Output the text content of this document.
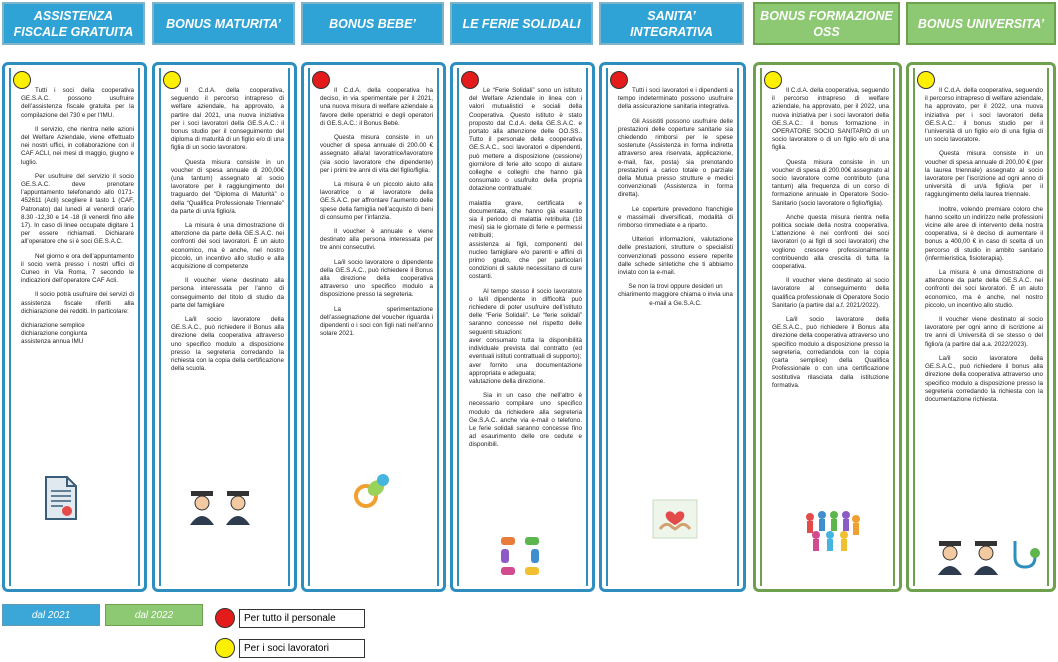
ASSISTENZA FISCALE GRATUITA
BONUS MATURITA’	BONUS BEBE’	LE FERIE SOLIDALI
SANITA’ INTEGRATIVA
BONUS FORMAZIONE OSS
BONUS UNIVERSITA’

Tutti i soci della cooperativa GE.S.A.C. possono usufruire dell’assistenza fiscale gratuita per la compilazione del 730 e per l’IMU.

Il servizio, che rientra nelle azioni del Welfare Aziendale, viene effettuato nei nostri uffici, in collaborazione con il CAF ACLI, nei mesi di maggio, giugno e luglio.

Per usufruire del servizio il socio GE.S.A.C. deve prenotare l’appuntamento telefonando allo 0171-452611 (Acli) scegliere il tasto 1 (CAF, Patronato) dal lunedì al venerdì orario 8.30 -12,30 e 14 -18 (il venerdì fino alle 17). In caso di linee occupate digitare 1 per essere richiamati. Dichiarare all’operatore che si è soci GE.S.A.C.

Nel giorno e ora dell’appuntamento il socio verrà presso i nostri uffici di Cuneo in Via Roma, 7 secondo le indicazioni dell’operatore CAF Acli.

Il socio potrà usufruire dei servizi di assistenza fiscale riferiti alla dichiarazione dei redditi. In particolare:

dichiarazione semplice
dichiarazione congiunta
assistenza annua IMU

Il C.d.A. della cooperativa, seguendo il percorso intrapreso di welfare aziendale, ha approvato, a partire dal 2021, una nuova iniziativa per i soci lavoratori della GE.S.A.C.: il bonus studio per il conseguimento del diploma di maturità di un figlio e/o di una figlia di un socio lavoratore.

Questa misura consiste in un voucher di spesa annuale di 200,00€ (una tantum) assegnato al socio lavoratore per il raggiungimento del traguardo del “Diploma di Maturità” o della “Qualifica Professionale Triennale” da parte di un/a figlio/a.

La misura è una dimostrazione di attenzione da parte della GE.S.A.C. nei confronti dei soci lavoratori. È un aiuto economico, ma è anche, nel nostro piccolo, un incentivo allo studio e alla acquisizione di competenze

Il voucher viene destinato alla persona interessata per l’anno di conseguimento del titolo di studio da parte del famigliare

La/il socio lavoratore della GE.S.A.C., può richiedere il Bonus alla direzione della cooperativa attraverso uno specifico modulo a disposizione presso la segreteria corredando la richiesta con la copia della certificazione della scuola.

Il C.d.A. della cooperativa ha deciso, in via sperimentale per il 2021, una nuova misura di welfare aziendale a favore delle operatrici e degli operatori di GE.S.A.C.: il Bonus Bebè.

Questa misura consiste in un voucher di spesa annuale di 200.00 € assegnato alla/al lavoratrice/lavoratore (sia socio lavoratore che dipendente) per i primi tre anni di vita del figlio/figlia.

La misura è un piccolo aiuto alla lavoratrice o al lavoratore della GE.S.A.C. per affrontare l’aumento delle spese della famiglia nell’acquisto di beni di consumo per l’infanzia.

Il voucher è annuale e viene destinato alla persona interessata per tre anni consecutivi.

La/il socio lavoratore o dipendente della GE.S.A.C., può richiedere il Bonus alla direzione della cooperativa attraverso uno specifico modulo a disposizione presso la segreteria.

La sperimentazione dell’assegnazione del voucher riguarda i dipendenti o i soci con figli nati nell’anno solare 2021.

Le “Ferie Solidali” sono un istituto del Welfare Aziendale in linea con i valori mutualistici e sociali della Cooperativa. Questo istituto è stato proposto dal C.d.A. della GE.S.A.C. e portato alla attenzione delle OO.SS.. Tutto il personale della cooperativa GE.S.A.C., soci lavoratori e dipendenti, può mettere a disposizione (cessione) giorni/ore di ferie allo scopo di aiutare colleghe e colleghi che hanno già consumato o usufruito della propria dotazione contrattuale:

malattia grave, certificata e documentata, che hanno già esaurito sia il periodo di malattia retribuita (18 mesi) sia le giornate di ferie e permessi retribuiti;
assistenza ai figli, componenti del nucleo famigliare e/o parenti e affini di primo grado, che per particolari condizioni di salute necessitano di cure costanti.

Al tempo stesso il socio lavoratore o la/il dipendente in difficoltà può richiedere di poter usufruire dell’istituto delle “Ferie Solidali”. Le “ferie solidali” saranno concesse nel rispetto delle seguenti situazioni:
aver consumato tutta la disponibilità individuale prevista dal contratto (ed eventuali istituti contrattuali di supporto);
aver fornito una documentazione appropriata e adeguata;
valutazione della direzione.

Sia in un caso che nell’altro è necessario compilare uno specifico modulo da richiedere alla segreteria Ge.S.A.C. anche via e-mail o telefono. Le ferie solidali saranno concesse fino ad esaurimento delle ore cedute e disponibili.

Tutti i soci lavoratori e i dipendenti a tempo indeterminato possono usufruire della assicurazione sanitaria integrativa.

Gli Assistiti possono usufruire delle prestazioni delle coperture sanitarie sia chiedendo rimborsi per le spese sostenute (Assistenza in forma indiretta attraverso area riservata, applicazione, e-mail, fax, posta) sia prenotando prestazioni a carico totale o parziale della Mutua presso strutture e medici convenzionati (Assistenza in forma diretta).

Le coperture prevedono franchigie e massimali diversificati, modalità di rimborso rimmediate e a riparto.

Ulteriori informazioni, valutazione delle prestazioni, strutture o specialisti convenzionati possono essere reperite dalle schede sintetiche che ti abbiamo inviato con la e-mail.

Se non la trovi oppure desideri un chiarimento maggiore chiama o invia una e-mail a Ge.S.A.C.

Il C.d.A. della cooperativa, seguendo il percorso intrapreso di welfare aziendale, ha approvato, per il 2022, una nuova iniziativa per i soci lavoratori della GE.S.A.C.: il bonus formazione in OPERATORE SOCIO SANITARIO di un socio lavoratore o di un figlio e/o di una figlia.

Questa misura consiste in un voucher di spesa di 200.00€ assegnato al socio lavoratore come contributo (una tantum) alla frequenza di un corso di formazione annuale in Operatore Socio-Sanitario (socio lavoratore o figlio/figlia).

Anche questa misura rientra nella politica sociale della nostra cooperativa. L’attenzione è nei confronti dei soci lavoratori (o ai figli di soci lavoratori) che vogliono crescere professionalmente contribuendo alla crescita di tutta la cooperativa.

Il voucher viene destinato al socio lavoratore al conseguimento della qualifica professionale di Operatore Socio Sanitario (a partire dal a.f. 2021/2022).

La/il socio lavoratore della GE.S.A.C., può richiedere il Bonus alla direzione della cooperativa attraverso uno specifico modulo a disposizione presso la segreteria, corredandola con la copia (carta semplice) della Qualifica Professionale o con una certificazione sostitutiva rilasciata dalla istituzione formativa.

Il C.d.A. della cooperativa, seguendo il percorso intrapreso di welfare aziendale, ha approvato, per il 2022, una nuova iniziativa per i soci lavoratori della GE.S.A.C.: il bonus studio per il l’università di un figlio e/o di una figlia di un socio lavoratore.

Questa misura consiste in un voucher di spesa annuale di 200,00 € (per la laurea triennale) assegnato al socio lavoratore per l’iscrizione ad ogni anno di università di un/a figlio/a per il raggiungimento della laurea triennale.

Inoltre, volendo premiare coloro che hanno scelto un indirizzo nelle professioni vicine alle aree di intervento della nostra cooperativa, si è deciso di aumentare il bonus a 400,00 € in caso di scelta di un percorso di studio in ambito sanitario (infermieristica, fisioterapia).

La misura è una dimostrazione di attenzione da parte della GE.S.A.C. nei confronti dei soci lavoratori. È un aiuto economico, ma è anche, nel nostro piccolo, un incentivo allo studio.

Il voucher viene destinato al socio lavoratore per ogni anno di iscrizione ai tre anni di Università di se stesso o del figlio/a (a partire dal a.a. 2022/2023).

La/il socio lavoratore della GE.S.A.C., può richiedere il bonus alla direzione della cooperativa attraverso uno specifico modulo a disposizione presso la segreteria corredando la richiesta con la documentazione richiesta.

dal 2021	dal 2022	Per tutto il personale
Per i soci lavoratori
